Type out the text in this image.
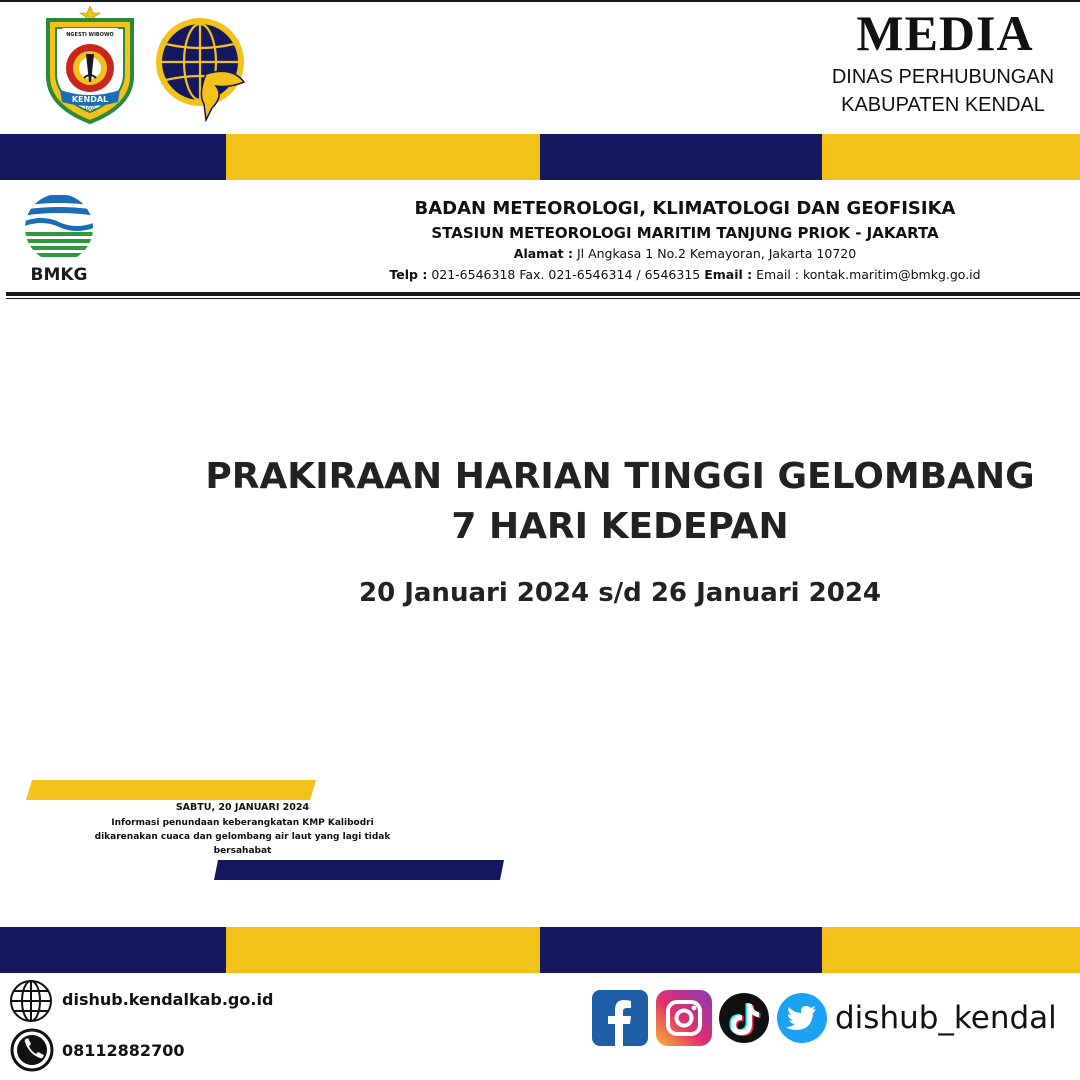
NGESTI WIBOWO
KENDAL
1605
MEDIA
DINAS PERHUBUNGAN
KABUPATEN KENDAL
BMKG
BADAN METEOROLOGI, KLIMATOLOGI DAN GEOFISIKA
STASIUN METEOROLOGI MARITIM TANJUNG PRIOK - JAKARTA
Alamat : Jl Angkasa 1 No.2 Kemayoran, Jakarta 10720
Telp : 021-6546318 Fax. 021-6546314 / 6546315 Email : Email : kontak.maritim@bmkg.go.id
PRAKIRAAN HARIAN TINGGI GELOMBANG
7 HARI KEDEPAN
20 Januari 2024 s/d 26 Januari 2024
SABTU, 20 JANUARI 2024
Informasi penundaan keberangkatan KMP Kalibodri
dikarenakan cuaca dan gelombang air laut yang lagi tidak
bersahabat
dishub.kendalkab.go.id
08112882700
dishub_kendal
